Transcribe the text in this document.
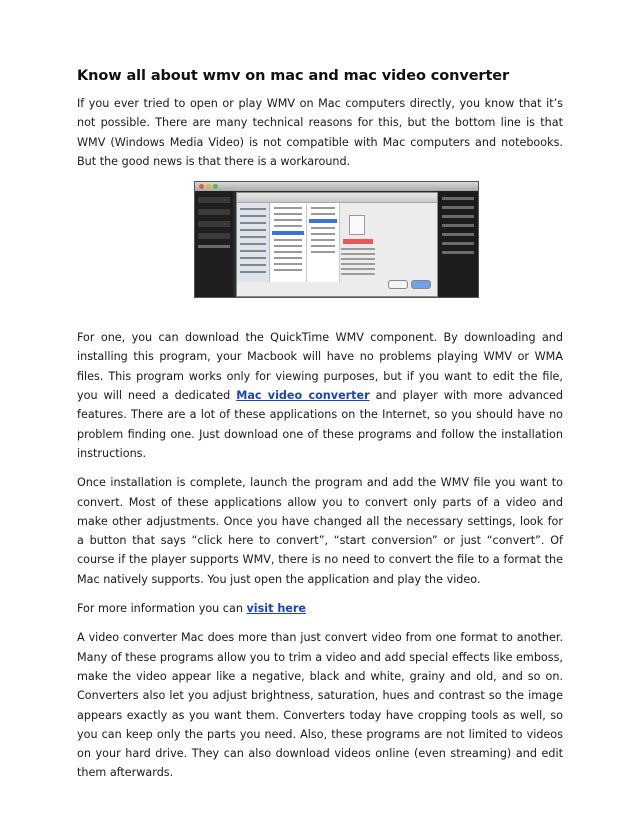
Know all about wmv on mac and mac video converter

If you ever tried to open or play WMV on Mac computers directly, you know that it’s not possible. There are many technical reasons for this, but the bottom line is that WMV (Windows Media Video) is not compatible with Mac computers and notebooks. But the good news is that there is a workaround.

For one, you can download the QuickTime WMV component. By downloading and installing this program, your Macbook will have no problems playing WMV or WMA files. This program works only for viewing purposes, but if you want to edit the file, you will need a dedicated Mac video converter and player with more advanced features. There are a lot of these applications on the Internet, so you should have no problem finding one. Just download one of these programs and follow the installation instructions.

Once installation is complete, launch the program and add the WMV file you want to convert. Most of these applications allow you to convert only parts of a video and make other adjustments. Once you have changed all the necessary settings, look for a button that says “click here to convert”, “start conversion” or just “convert”. Of course if the player supports WMV, there is no need to convert the file to a format the Mac natively supports. You just open the application and play the video.

For more information you can visit here

A video converter Mac does more than just convert video from one format to another. Many of these programs allow you to trim a video and add special effects like emboss, make the video appear like a negative, black and white, grainy and old, and so on. Converters also let you adjust brightness, saturation, hues and contrast so the image appears exactly as you want them. Converters today have cropping tools as well, so you can keep only the parts you need. Also, these programs are not limited to videos on your hard drive. They can also download videos online (even streaming) and edit them afterwards.
